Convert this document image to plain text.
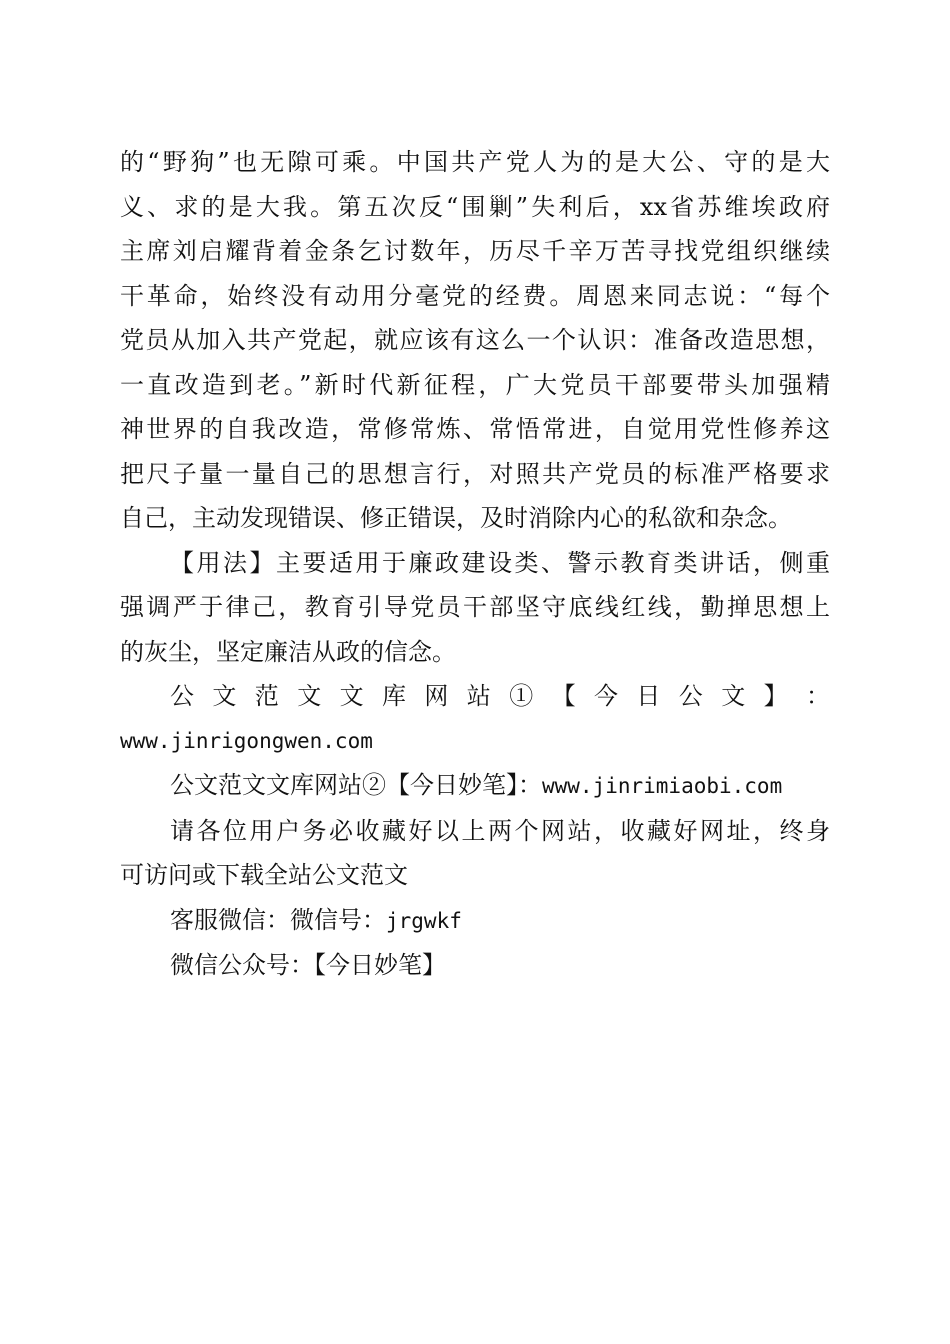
的“野狗”也无隙可乘。中国共产党人为的是大公、守的是大
义、求的是大我。第五次反“围剿”失利后，xx省苏维埃政府
主席刘启耀背着金条乞讨数年，历尽千辛万苦寻找党组织继续
干革命，始终没有动用分毫党的经费。周恩来同志说：“每个
党员从加入共产党起，就应该有这么一个认识：准备改造思想，
一直改造到老。”新时代新征程，广大党员干部要带头加强精
神世界的自我改造，常修常炼、常悟常进，自觉用党性修养这
把尺子量一量自己的思想言行，对照共产党员的标准严格要求
自己，主动发现错误、修正错误，及时消除内心的私欲和杂念。
【用法】主要适用于廉政建设类、警示教育类讲话，侧重
强调严于律己，教育引导党员干部坚守底线红线，勤掸思想上
的灰尘，坚定廉洁从政的信念。
公 文 范 文 文 库 网 站 ① 【 今 日 公 文 】 ：
www.jinrigongwen.com
公文范文文库网站②【今日妙笔】：www.jinrimiaobi.com
请各位用户务必收藏好以上两个网站，收藏好网址，终身
可访问或下载全站公文范文
客服微信：微信号：jrgwkf
微信公众号：【今日妙笔】
